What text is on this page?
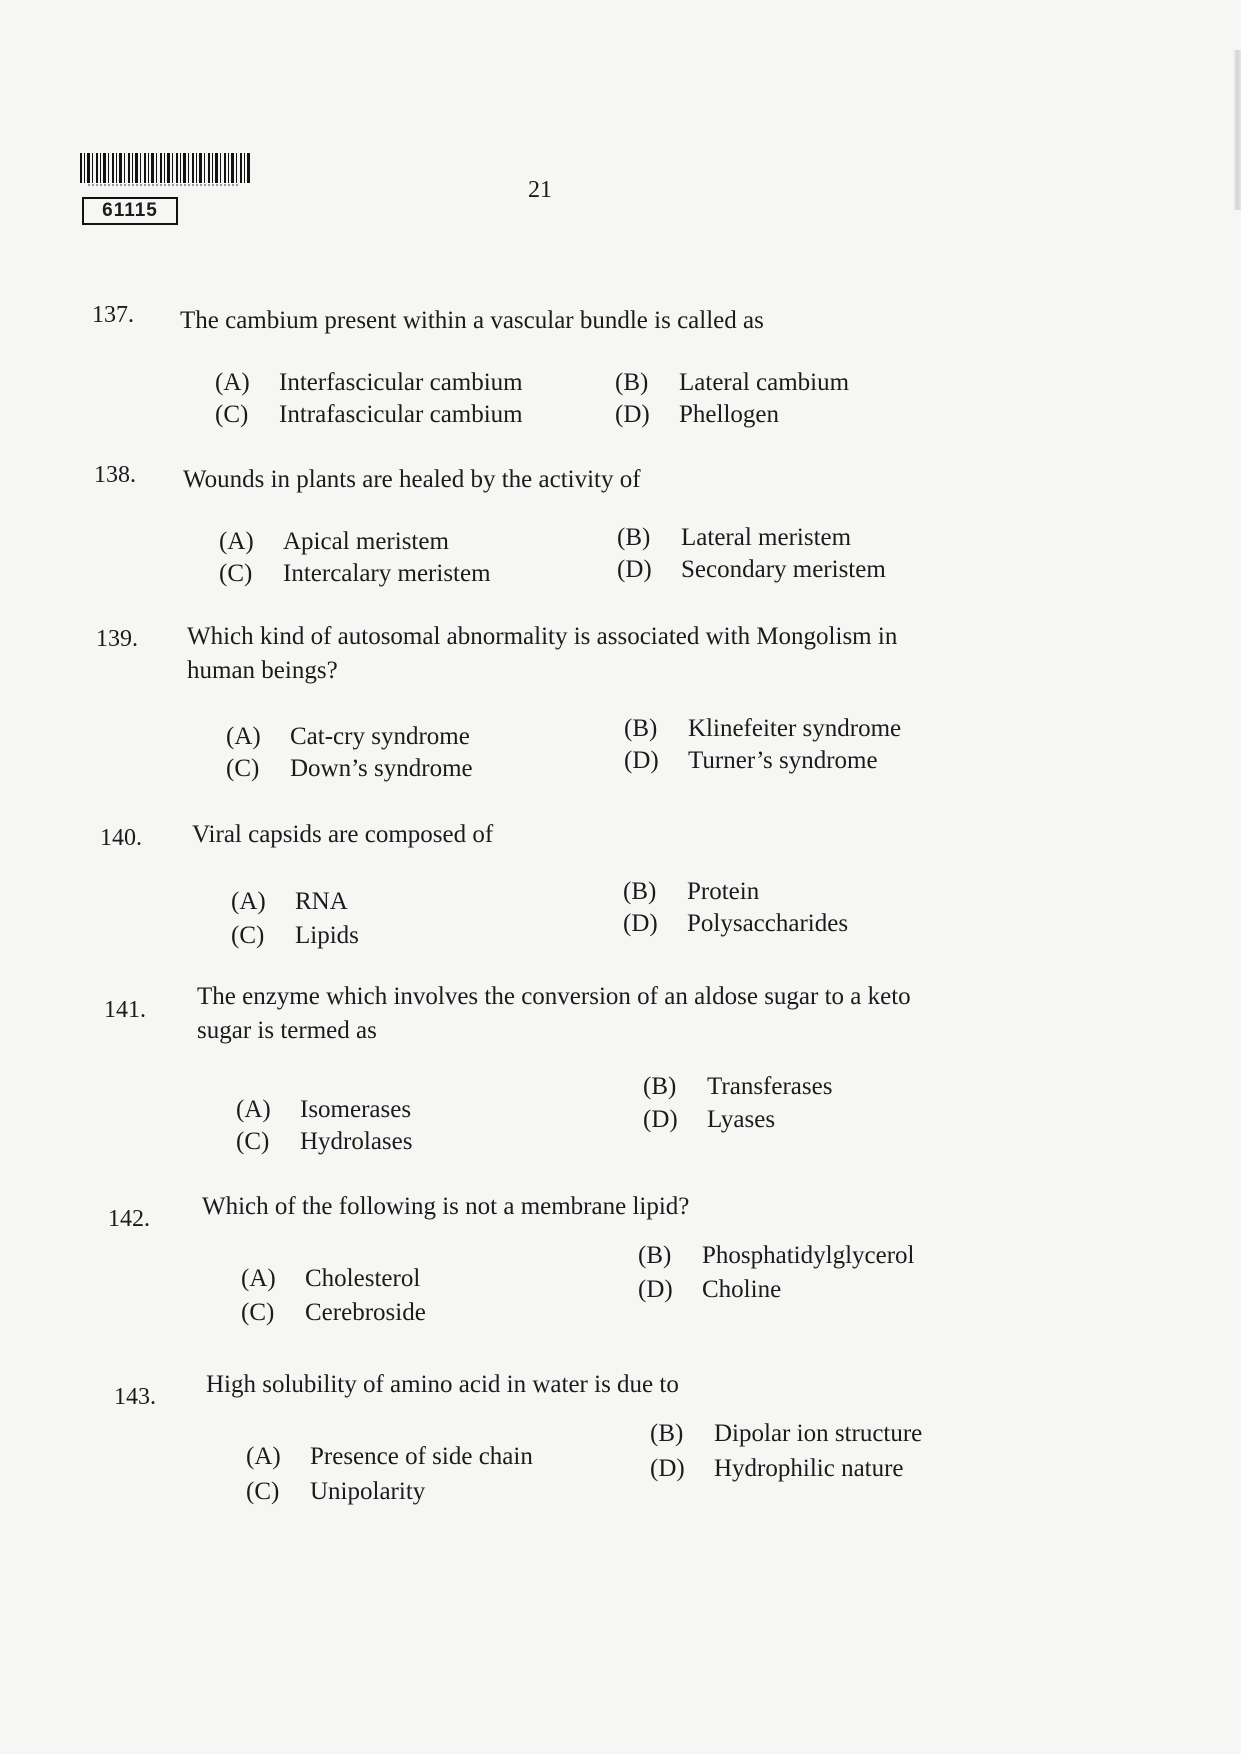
61115
21
137. The cambium present within a vascular bundle is called as
(A) Interfascicular cambium	(B) Lateral cambium
(C) Intrafascicular cambium	(D) Phellogen
138. Wounds in plants are healed by the activity of
(A) Apical meristem	(B) Lateral meristem
(C) Intercalary meristem	(D) Secondary meristem
139. Which kind of autosomal abnormality is associated with Mongolism in
human beings?
(A) Cat-cry syndrome	(B) Klinefeiter syndrome
(C) Down’s syndrome	(D) Turner’s syndrome
140. Viral capsids are composed of
(A) RNA	(B) Protein
(C) Lipids	(D) Polysaccharides
141. The enzyme which involves the conversion of an aldose sugar to a keto
sugar is termed as
(A) Isomerases
(B) Transferases
(C) Hydrolases
(D) Lyases
142. Which of the following is not a membrane lipid?
(A) Cholesterol
(B) Phosphatidylglycerol
(C) Cerebroside
(D) Choline
143. High solubility of amino acid in water is due to
(A) Presence of side chain
(B) Dipolar ion structure
(C) Unipolarity
(D) Hydrophilic nature
